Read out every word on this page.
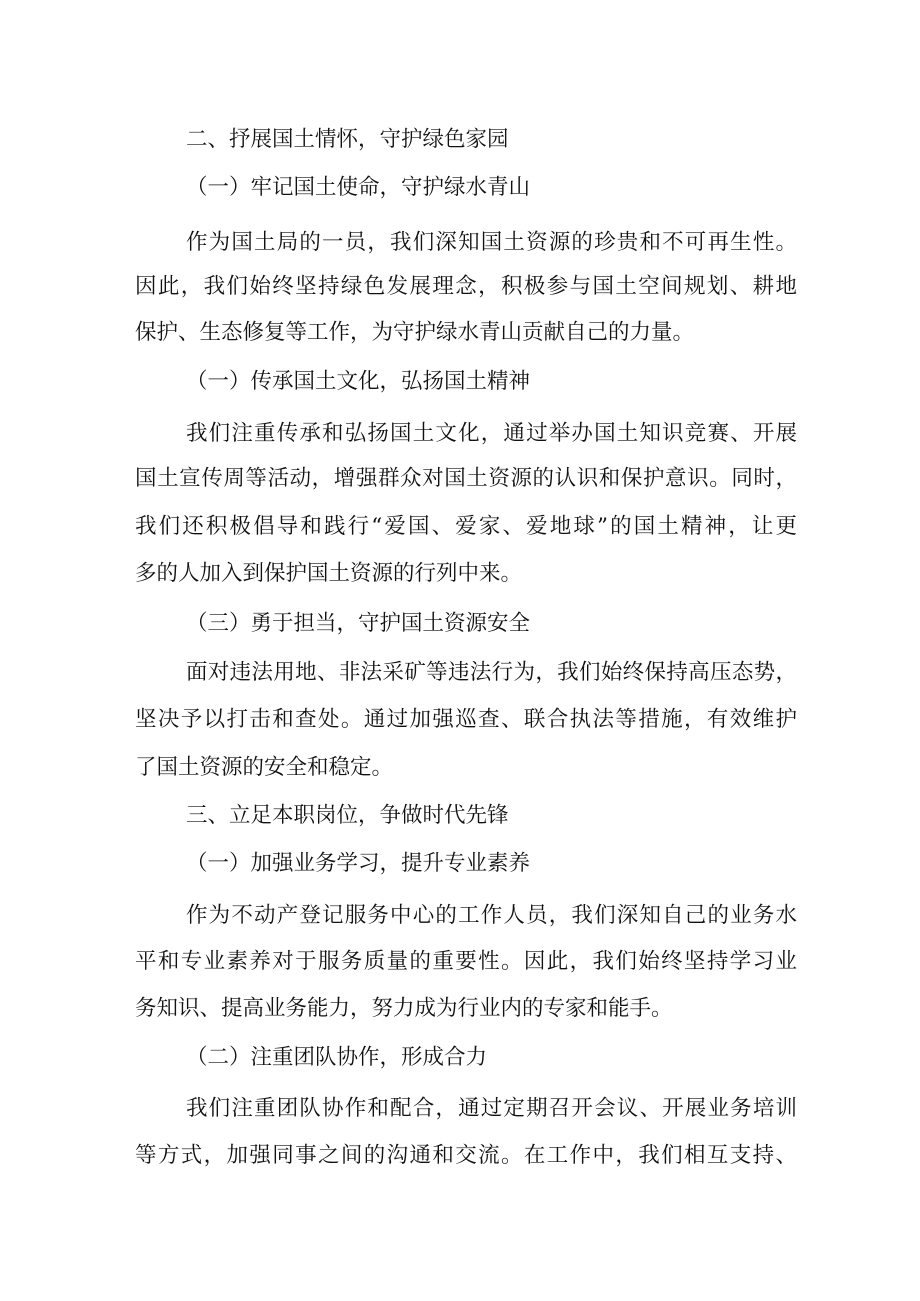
二、抒展国土情怀，守护绿色家园
（一）牢记国土使命，守护绿水青山
作为国土局的一员，我们深知国土资源的珍贵和不可再生性。
因此，我们始终坚持绿色发展理念，积极参与国土空间规划、耕地
保护、生态修复等工作，为守护绿水青山贡献自己的力量。
（一）传承国土文化，弘扬国土精神
我们注重传承和弘扬国土文化，通过举办国土知识竞赛、开展
国土宣传周等活动，增强群众对国土资源的认识和保护意识。同时，
我们还积极倡导和践行“爱国、爱家、爱地球”的国土精神，让更
多的人加入到保护国土资源的行列中来。
（三）勇于担当，守护国土资源安全
面对违法用地、非法采矿等违法行为，我们始终保持高压态势，
坚决予以打击和查处。通过加强巡查、联合执法等措施，有效维护
了国土资源的安全和稳定。
三、立足本职岗位，争做时代先锋
（一）加强业务学习，提升专业素养
作为不动产登记服务中心的工作人员，我们深知自己的业务水
平和专业素养对于服务质量的重要性。因此，我们始终坚持学习业
务知识、提高业务能力，努力成为行业内的专家和能手。
（二）注重团队协作，形成合力
我们注重团队协作和配合，通过定期召开会议、开展业务培训
等方式，加强同事之间的沟通和交流。在工作中，我们相互支持、
